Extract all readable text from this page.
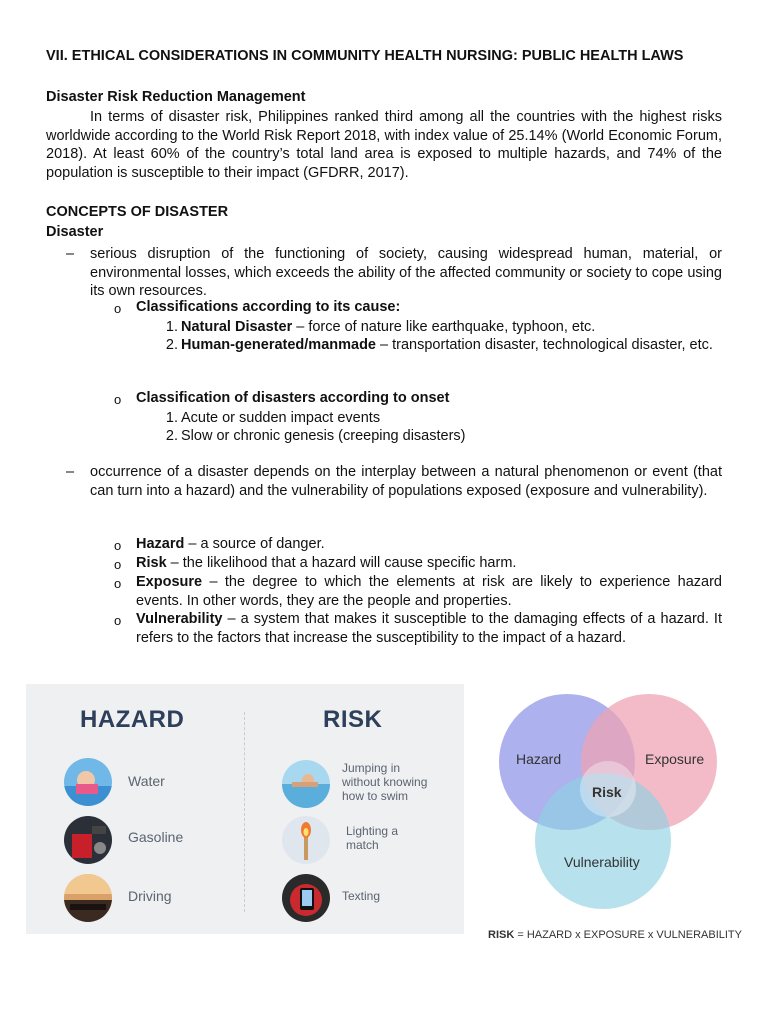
VII. ETHICAL CONSIDERATIONS IN COMMUNITY HEALTH NURSING: PUBLIC HEALTH LAWS
Disaster Risk Reduction Management
In terms of disaster risk, Philippines ranked third among all the countries with the highest risks worldwide according to the World Risk Report 2018, with index value of 25.14% (World Economic Forum, 2018). At least 60% of the country’s total land area is exposed to multiple hazards, and 74% of the population is susceptible to their impact (GFDRR, 2017).
CONCEPTS OF DISASTER
Disaster
– serious disruption of the functioning of society, causing widespread human, material, or environmental losses, which exceeds the ability of the affected community or society to cope using its own resources.
o Classifications according to its cause:
1. Natural Disaster – force of nature like earthquake, typhoon, etc.
2. Human-generated/manmade – transportation disaster, technological disaster, etc.
o Classification of disasters according to onset
1. Acute or sudden impact events
2. Slow or chronic genesis (creeping disasters)
– occurrence of a disaster depends on the interplay between a natural phenomenon or event (that can turn into a hazard) and the vulnerability of populations exposed (exposure and vulnerability).
o Hazard – a source of danger.
o Risk – the likelihood that a hazard will cause specific harm.
o Exposure – the degree to which the elements at risk are likely to experience hazard events. In other words, they are the people and properties.
o Vulnerability – a system that makes it susceptible to the damaging effects of a hazard. It refers to the factors that increase the susceptibility to the impact of a hazard.
HAZARD	RISK
Water
Gasoline
Driving
Jumping in
without knowing
how to swim
Lighting a
match
Texting
Hazard	Exposure
Risk
Vulnerability
RISK = HAZARD x EXPOSURE x VULNERABILITY
